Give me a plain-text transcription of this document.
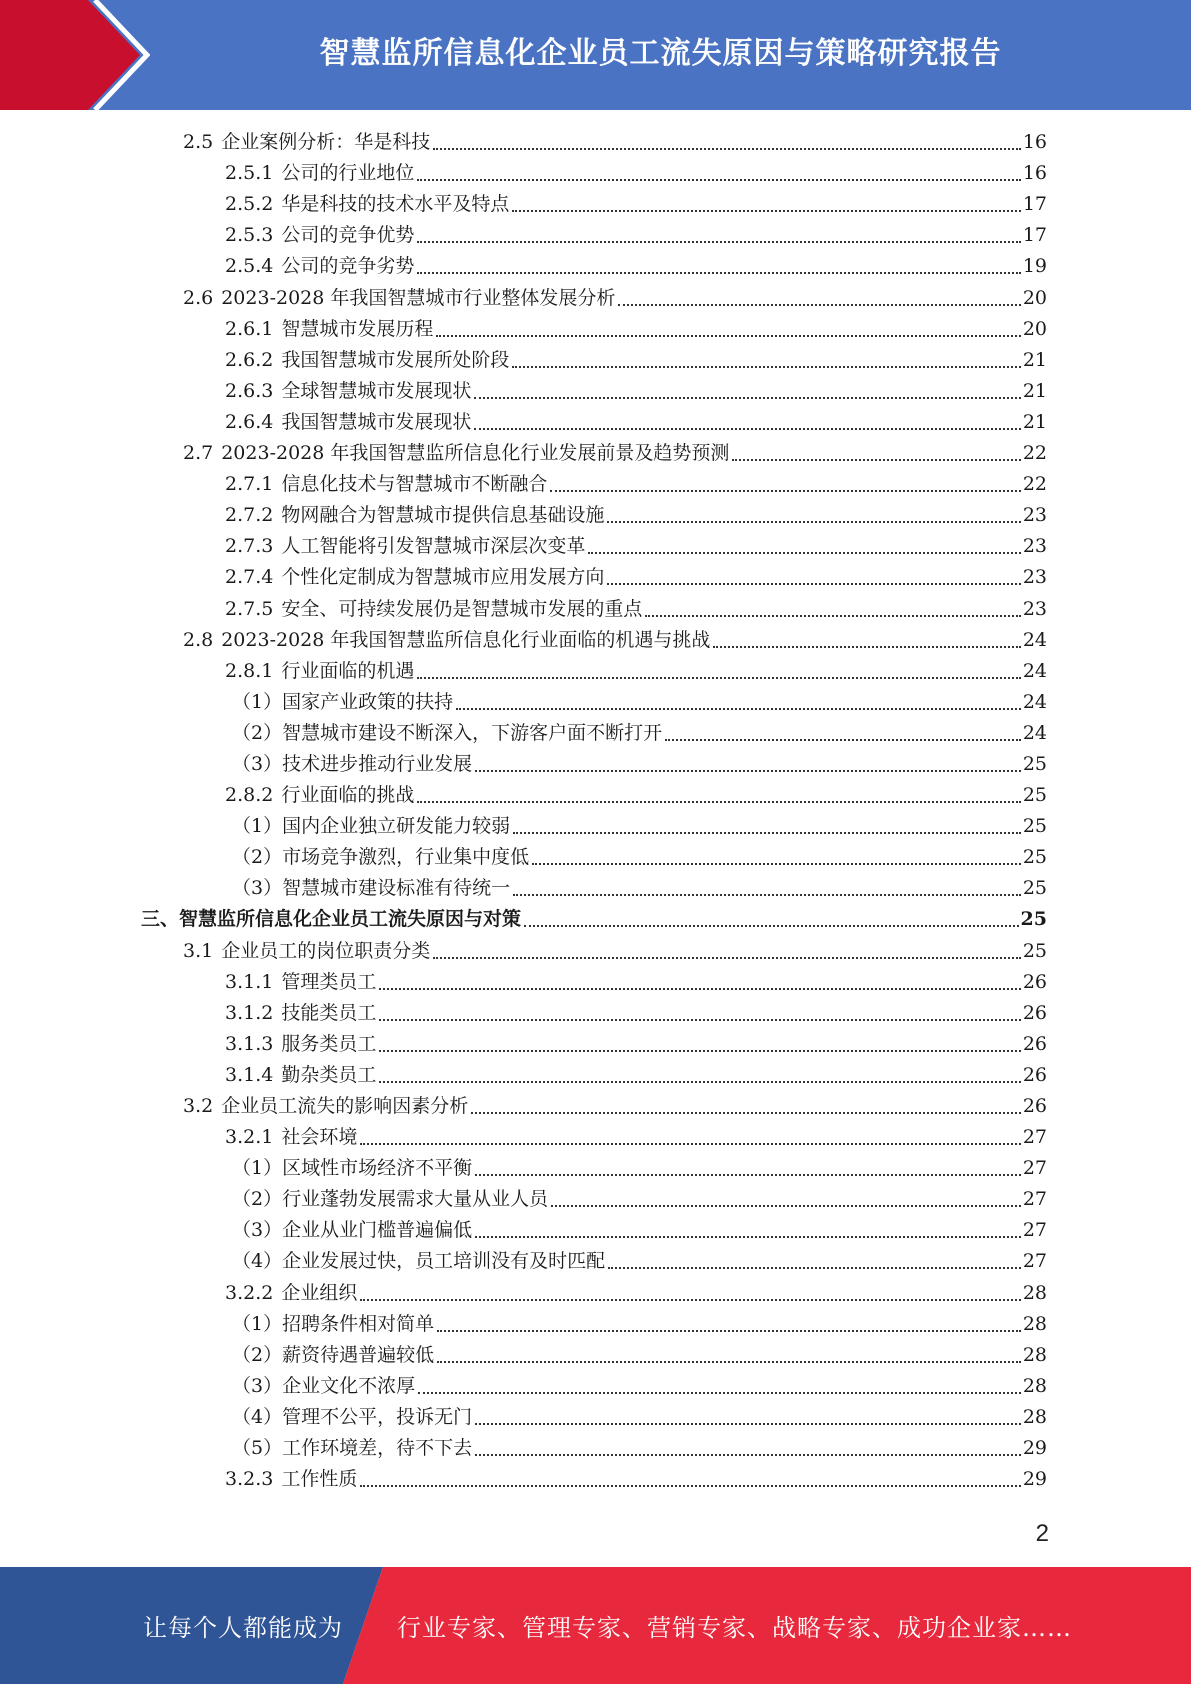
智慧监所信息化企业员工流失原因与策略研究报告
2.5 企业案例分析：华是科技	16
2.5.1 公司的行业地位	16
2.5.2 华是科技的技术水平及特点	17
2.5.3 公司的竞争优势	17
2.5.4 公司的竞争劣势	19
2.6 2023-2028 年我国智慧城市行业整体发展分析	20
2.6.1 智慧城市发展历程	20
2.6.2 我国智慧城市发展所处阶段	21
2.6.3 全球智慧城市发展现状	21
2.6.4 我国智慧城市发展现状	21
2.7 2023-2028 年我国智慧监所信息化行业发展前景及趋势预测	22
2.7.1 信息化技术与智慧城市不断融合	22
2.7.2 物网融合为智慧城市提供信息基础设施	23
2.7.3 人工智能将引发智慧城市深层次变革	23
2.7.4 个性化定制成为智慧城市应用发展方向	23
2.7.5 安全、可持续发展仍是智慧城市发展的重点	23
2.8 2023-2028 年我国智慧监所信息化行业面临的机遇与挑战	24
2.8.1 行业面临的机遇	24
（1）国家产业政策的扶持	24
（2）智慧城市建设不断深入，下游客户面不断打开	24
（3）技术进步推动行业发展	25
2.8.2 行业面临的挑战	25
（1）国内企业独立研发能力较弱	25
（2）市场竞争激烈，行业集中度低	25
（3）智慧城市建设标准有待统一	25
三、智慧监所信息化企业员工流失原因与对策	25
3.1 企业员工的岗位职责分类	25
3.1.1 管理类员工	26
3.1.2 技能类员工	26
3.1.3 服务类员工	26
3.1.4 勤杂类员工	26
3.2 企业员工流失的影响因素分析	26
3.2.1 社会环境	27
（1）区域性市场经济不平衡	27
（2）行业蓬勃发展需求大量从业人员	27
（3）企业从业门槛普遍偏低	27
（4）企业发展过快，员工培训没有及时匹配	27
3.2.2 企业组织	28
（1）招聘条件相对简单	28
（2）薪资待遇普遍较低	28
（3）企业文化不浓厚	28
（4）管理不公平，投诉无门	28
（5）工作环境差，待不下去	29
3.2.3 工作性质	29
2
让每个人都能成为 行业专家、管理专家、营销专家、战略专家、成功企业家……
